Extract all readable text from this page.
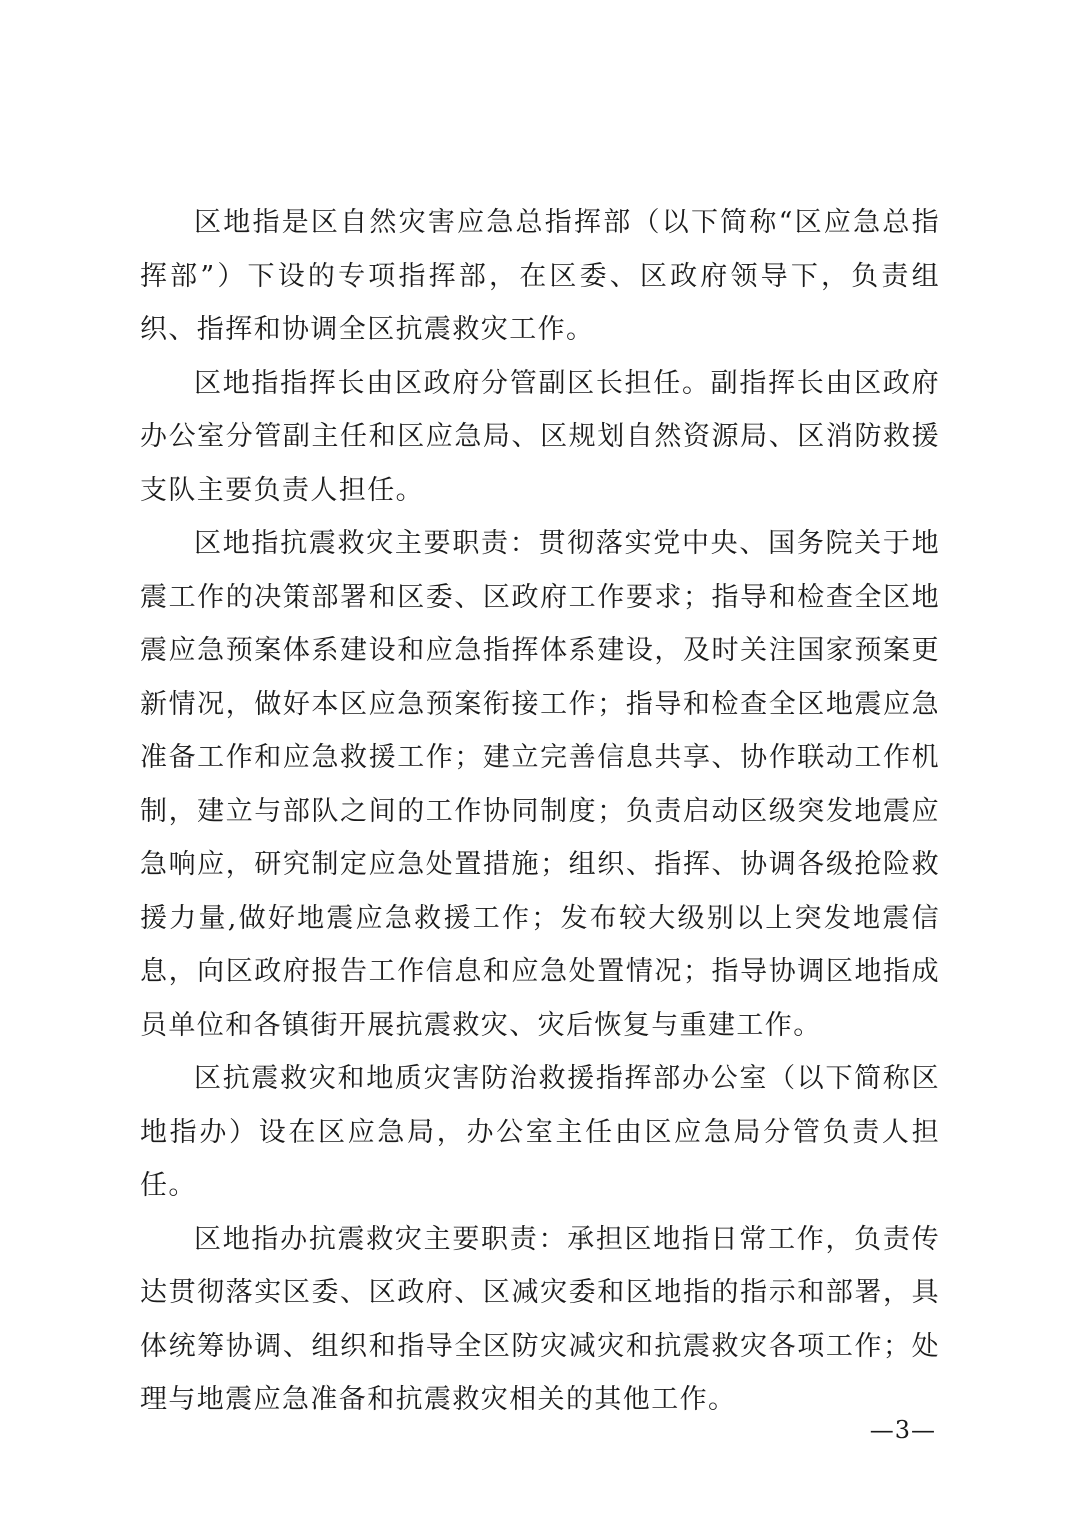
区地指是区自然灾害应急总指挥部（以下简称“区应急总指挥部”）下设的专项指挥部，在区委、区政府领导下，负责组织、指挥和协调全区抗震救灾工作。

区地指指挥长由区政府分管副区长担任。副指挥长由区政府办公室分管副主任和区应急局、区规划自然资源局、区消防救援支队主要负责人担任。

区地指抗震救灾主要职责：贯彻落实党中央、国务院关于地震工作的决策部署和区委、区政府工作要求；指导和检查全区地震应急预案体系建设和应急指挥体系建设，及时关注国家预案更新情况，做好本区应急预案衔接工作；指导和检查全区地震应急准备工作和应急救援工作；建立完善信息共享、协作联动工作机制，建立与部队之间的工作协同制度；负责启动区级突发地震应急响应，研究制定应急处置措施；组织、指挥、协调各级抢险救援力量,做好地震应急救援工作；发布较大级别以上突发地震信息，向区政府报告工作信息和应急处置情况；指导协调区地指成员单位和各镇街开展抗震救灾、灾后恢复与重建工作。

区抗震救灾和地质灾害防治救援指挥部办公室（以下简称区地指办）设在区应急局，办公室主任由区应急局分管负责人担任。

区地指办抗震救灾主要职责：承担区地指日常工作，负责传达贯彻落实区委、区政府、区减灾委和区地指的指示和部署，具体统筹协调、组织和指导全区防灾减灾和抗震救灾各项工作；处理与地震应急准备和抗震救灾相关的其他工作。

—3—
